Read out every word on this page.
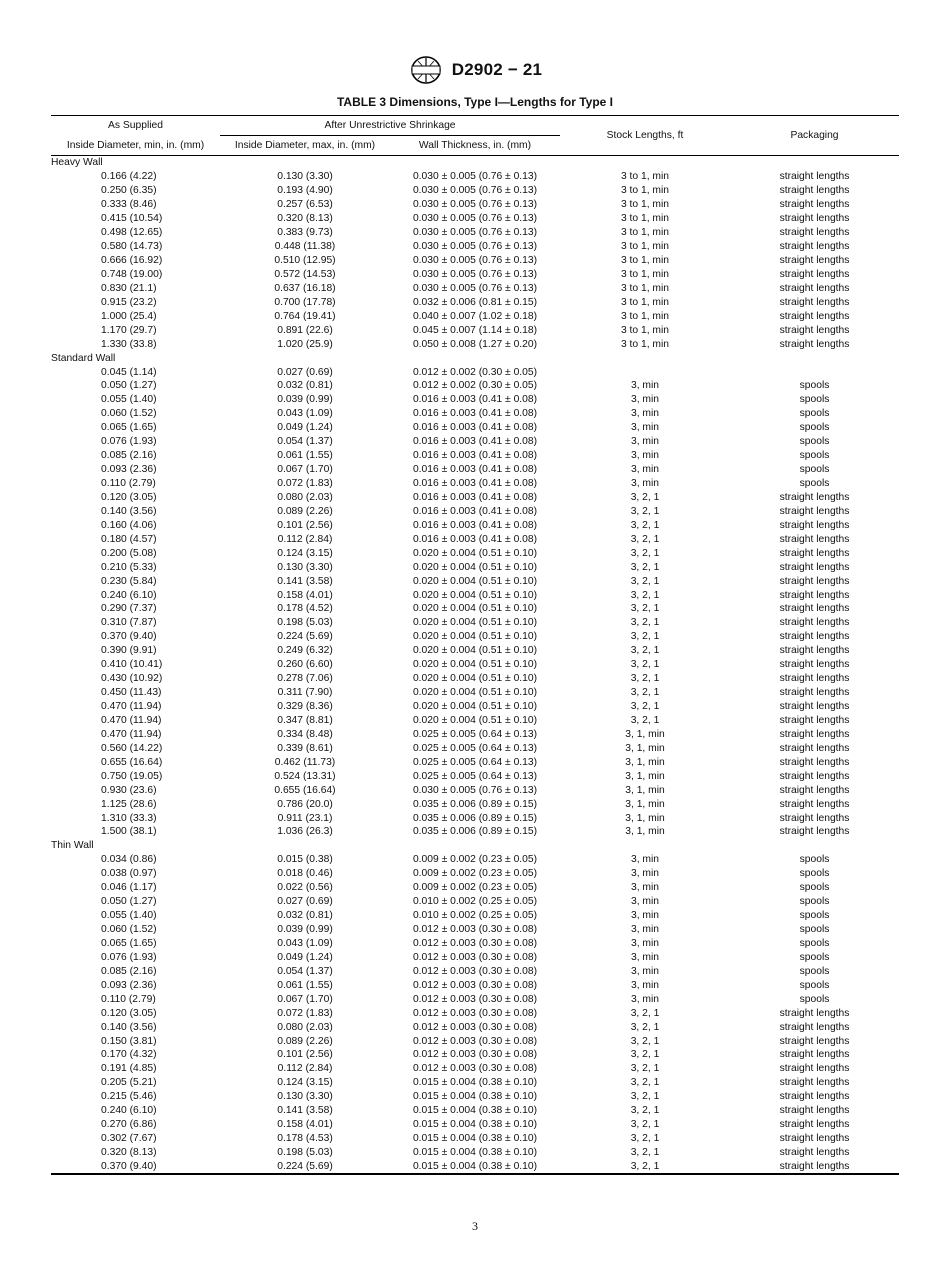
D2902 − 21
TABLE 3 Dimensions, Type I—Lengths for Type I
As Supplied	After Unrestrictive Shrinkage		Stock Lengths, ft	Packaging
Inside Diameter, min, in. (mm)	Inside Diameter, max, in. (mm)	Wall Thickness, in. (mm)		
Heavy Wall				
0.166 (4.22)	0.130 (3.30)	0.030 ± 0.005 (0.76 ± 0.13)	3 to 1, min	straight lengths
0.250 (6.35)	0.193 (4.90)	0.030 ± 0.005 (0.76 ± 0.13)	3 to 1, min	straight lengths
0.333 (8.46)	0.257 (6.53)	0.030 ± 0.005 (0.76 ± 0.13)	3 to 1, min	straight lengths
0.415 (10.54)	0.320 (8.13)	0.030 ± 0.005 (0.76 ± 0.13)	3 to 1, min	straight lengths
0.498 (12.65)	0.383 (9.73)	0.030 ± 0.005 (0.76 ± 0.13)	3 to 1, min	straight lengths
0.580 (14.73)	0.448 (11.38)	0.030 ± 0.005 (0.76 ± 0.13)	3 to 1, min	straight lengths
0.666 (16.92)	0.510 (12.95)	0.030 ± 0.005 (0.76 ± 0.13)	3 to 1, min	straight lengths
0.748 (19.00)	0.572 (14.53)	0.030 ± 0.005 (0.76 ± 0.13)	3 to 1, min	straight lengths
0.830 (21.1)	0.637 (16.18)	0.030 ± 0.005 (0.76 ± 0.13)	3 to 1, min	straight lengths
0.915 (23.2)	0.700 (17.78)	0.032 ± 0.006 (0.81 ± 0.15)	3 to 1, min	straight lengths
1.000 (25.4)	0.764 (19.41)	0.040 ± 0.007 (1.02 ± 0.18)	3 to 1, min	straight lengths
1.170 (29.7)	0.891 (22.6)	0.045 ± 0.007 (1.14 ± 0.18)	3 to 1, min	straight lengths
1.330 (33.8)	1.020 (25.9)	0.050 ± 0.008 (1.27 ± 0.20)	3 to 1, min	straight lengths
Standard Wall				
0.045 (1.14)	0.027 (0.69)	0.012 ± 0.002 (0.30 ± 0.05)		
0.050 (1.27)	0.032 (0.81)	0.012 ± 0.002 (0.30 ± 0.05)	3, min	spools
0.055 (1.40)	0.039 (0.99)	0.016 ± 0.003 (0.41 ± 0.08)	3, min	spools
0.060 (1.52)	0.043 (1.09)	0.016 ± 0.003 (0.41 ± 0.08)	3, min	spools
0.065 (1.65)	0.049 (1.24)	0.016 ± 0.003 (0.41 ± 0.08)	3, min	spools
0.076 (1.93)	0.054 (1.37)	0.016 ± 0.003 (0.41 ± 0.08)	3, min	spools
0.085 (2.16)	0.061 (1.55)	0.016 ± 0.003 (0.41 ± 0.08)	3, min	spools
0.093 (2.36)	0.067 (1.70)	0.016 ± 0.003 (0.41 ± 0.08)	3, min	spools
0.110 (2.79)	0.072 (1.83)	0.016 ± 0.003 (0.41 ± 0.08)	3, min	spools
0.120 (3.05)	0.080 (2.03)	0.016 ± 0.003 (0.41 ± 0.08)	3, 2, 1	straight lengths
0.140 (3.56)	0.089 (2.26)	0.016 ± 0.003 (0.41 ± 0.08)	3, 2, 1	straight lengths
0.160 (4.06)	0.101 (2.56)	0.016 ± 0.003 (0.41 ± 0.08)	3, 2, 1	straight lengths
0.180 (4.57)	0.112 (2.84)	0.016 ± 0.003 (0.41 ± 0.08)	3, 2, 1	straight lengths
0.200 (5.08)	0.124 (3.15)	0.020 ± 0.004 (0.51 ± 0.10)	3, 2, 1	straight lengths
0.210 (5.33)	0.130 (3.30)	0.020 ± 0.004 (0.51 ± 0.10)	3, 2, 1	straight lengths
0.230 (5.84)	0.141 (3.58)	0.020 ± 0.004 (0.51 ± 0.10)	3, 2, 1	straight lengths
0.240 (6.10)	0.158 (4.01)	0.020 ± 0.004 (0.51 ± 0.10)	3, 2, 1	straight lengths
0.290 (7.37)	0.178 (4.52)	0.020 ± 0.004 (0.51 ± 0.10)	3, 2, 1	straight lengths
0.310 (7.87)	0.198 (5.03)	0.020 ± 0.004 (0.51 ± 0.10)	3, 2, 1	straight lengths
0.370 (9.40)	0.224 (5.69)	0.020 ± 0.004 (0.51 ± 0.10)	3, 2, 1	straight lengths
0.390 (9.91)	0.249 (6.32)	0.020 ± 0.004 (0.51 ± 0.10)	3, 2, 1	straight lengths
0.410 (10.41)	0.260 (6.60)	0.020 ± 0.004 (0.51 ± 0.10)	3, 2, 1	straight lengths
0.430 (10.92)	0.278 (7.06)	0.020 ± 0.004 (0.51 ± 0.10)	3, 2, 1	straight lengths
0.450 (11.43)	0.311 (7.90)	0.020 ± 0.004 (0.51 ± 0.10)	3, 2, 1	straight lengths
0.470 (11.94)	0.329 (8.36)	0.020 ± 0.004 (0.51 ± 0.10)	3, 2, 1	straight lengths
0.470 (11.94)	0.347 (8.81)	0.020 ± 0.004 (0.51 ± 0.10)	3, 2, 1	straight lengths
0.470 (11.94)	0.334 (8.48)	0.025 ± 0.005 (0.64 ± 0.13)	3, 1, min	straight lengths
0.560 (14.22)	0.339 (8.61)	0.025 ± 0.005 (0.64 ± 0.13)	3, 1, min	straight lengths
0.655 (16.64)	0.462 (11.73)	0.025 ± 0.005 (0.64 ± 0.13)	3, 1, min	straight lengths
0.750 (19.05)	0.524 (13.31)	0.025 ± 0.005 (0.64 ± 0.13)	3, 1, min	straight lengths
0.930 (23.6)	0.655 (16.64)	0.030 ± 0.005 (0.76 ± 0.13)	3, 1, min	straight lengths
1.125 (28.6)	0.786 (20.0)	0.035 ± 0.006 (0.89 ± 0.15)	3, 1, min	straight lengths
1.310 (33.3)	0.911 (23.1)	0.035 ± 0.006 (0.89 ± 0.15)	3, 1, min	straight lengths
1.500 (38.1)	1.036 (26.3)	0.035 ± 0.006 (0.89 ± 0.15)	3, 1, min	straight lengths
Thin Wall				
0.034 (0.86)	0.015 (0.38)	0.009 ± 0.002 (0.23 ± 0.05)	3, min	spools
0.038 (0.97)	0.018 (0.46)	0.009 ± 0.002 (0.23 ± 0.05)	3, min	spools
0.046 (1.17)	0.022 (0.56)	0.009 ± 0.002 (0.23 ± 0.05)	3, min	spools
0.050 (1.27)	0.027 (0.69)	0.010 ± 0.002 (0.25 ± 0.05)	3, min	spools
0.055 (1.40)	0.032 (0.81)	0.010 ± 0.002 (0.25 ± 0.05)	3, min	spools
0.060 (1.52)	0.039 (0.99)	0.012 ± 0.003 (0.30 ± 0.08)	3, min	spools
0.065 (1.65)	0.043 (1.09)	0.012 ± 0.003 (0.30 ± 0.08)	3, min	spools
0.076 (1.93)	0.049 (1.24)	0.012 ± 0.003 (0.30 ± 0.08)	3, min	spools
0.085 (2.16)	0.054 (1.37)	0.012 ± 0.003 (0.30 ± 0.08)	3, min	spools
0.093 (2.36)	0.061 (1.55)	0.012 ± 0.003 (0.30 ± 0.08)	3, min	spools
0.110 (2.79)	0.067 (1.70)	0.012 ± 0.003 (0.30 ± 0.08)	3, min	spools
0.120 (3.05)	0.072 (1.83)	0.012 ± 0.003 (0.30 ± 0.08)	3, 2, 1	straight lengths
0.140 (3.56)	0.080 (2.03)	0.012 ± 0.003 (0.30 ± 0.08)	3, 2, 1	straight lengths
0.150 (3.81)	0.089 (2.26)	0.012 ± 0.003 (0.30 ± 0.08)	3, 2, 1	straight lengths
0.170 (4.32)	0.101 (2.56)	0.012 ± 0.003 (0.30 ± 0.08)	3, 2, 1	straight lengths
0.191 (4.85)	0.112 (2.84)	0.012 ± 0.003 (0.30 ± 0.08)	3, 2, 1	straight lengths
0.205 (5.21)	0.124 (3.15)	0.015 ± 0.004 (0.38 ± 0.10)	3, 2, 1	straight lengths
0.215 (5.46)	0.130 (3.30)	0.015 ± 0.004 (0.38 ± 0.10)	3, 2, 1	straight lengths
0.240 (6.10)	0.141 (3.58)	0.015 ± 0.004 (0.38 ± 0.10)	3, 2, 1	straight lengths
0.270 (6.86)	0.158 (4.01)	0.015 ± 0.004 (0.38 ± 0.10)	3, 2, 1	straight lengths
0.302 (7.67)	0.178 (4.53)	0.015 ± 0.004 (0.38 ± 0.10)	3, 2, 1	straight lengths
0.320 (8.13)	0.198 (5.03)	0.015 ± 0.004 (0.38 ± 0.10)	3, 2, 1	straight lengths
0.370 (9.40)	0.224 (5.69)	0.015 ± 0.004 (0.38 ± 0.10)	3, 2, 1	straight lengths
3
